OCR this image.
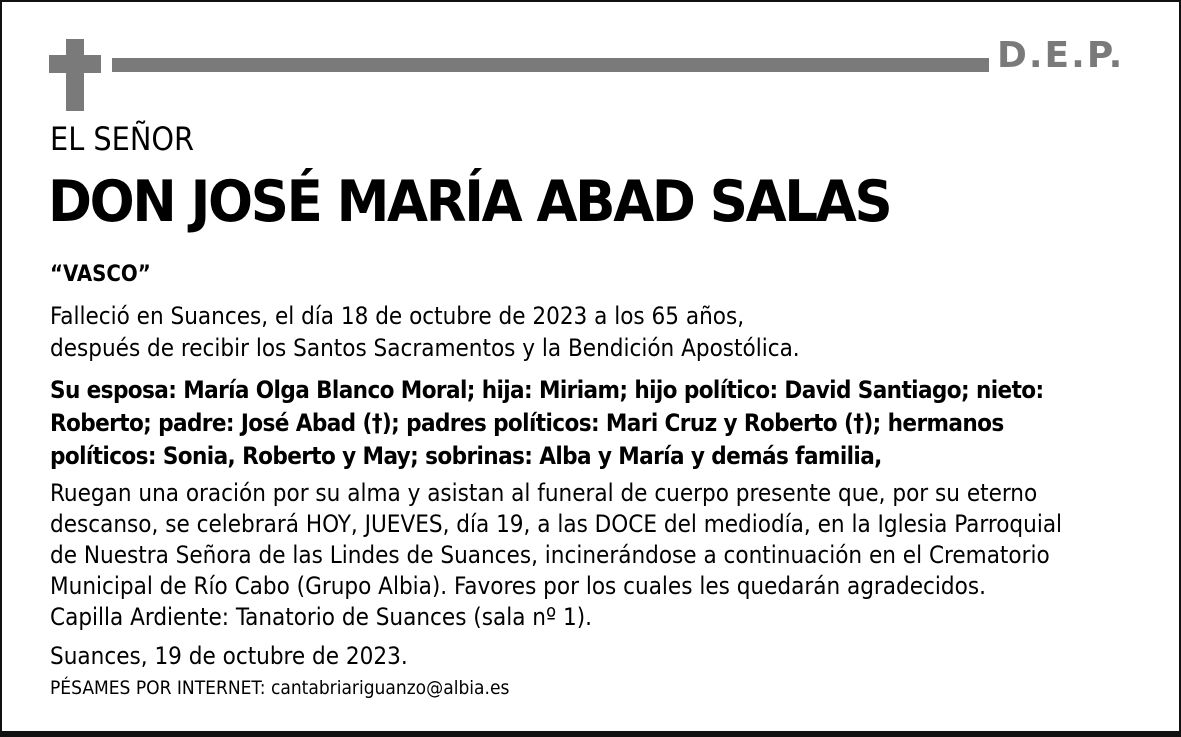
D.E.P.
EL SEÑOR
DON JOSÉ MARÍA ABAD SALAS
“VASCO”
Falleció en Suances, el día 18 de octubre de 2023 a los 65 años,
después de recibir los Santos Sacramentos y la Bendición Apostólica.
Su esposa: María Olga Blanco Moral; hija: Miriam; hijo político: David Santiago; nieto:
Roberto; padre: José Abad (†); padres políticos: Mari Cruz y Roberto (†); hermanos
políticos: Sonia, Roberto y May; sobrinas: Alba y María y demás familia,
Ruegan una oración por su alma y asistan al funeral de cuerpo presente que, por su eterno
descanso, se celebrará HOY, JUEVES, día 19, a las DOCE del mediodía, en la Iglesia Parroquial
de Nuestra Señora de las Lindes de Suances, incinerándose a continuación en el Crematorio
Municipal de Río Cabo (Grupo Albia). Favores por los cuales les quedarán agradecidos.
Capilla Ardiente: Tanatorio de Suances (sala nº 1).
Suances, 19 de octubre de 2023.
PÉSAMES POR INTERNET: cantabriariguanzo@albia.es
